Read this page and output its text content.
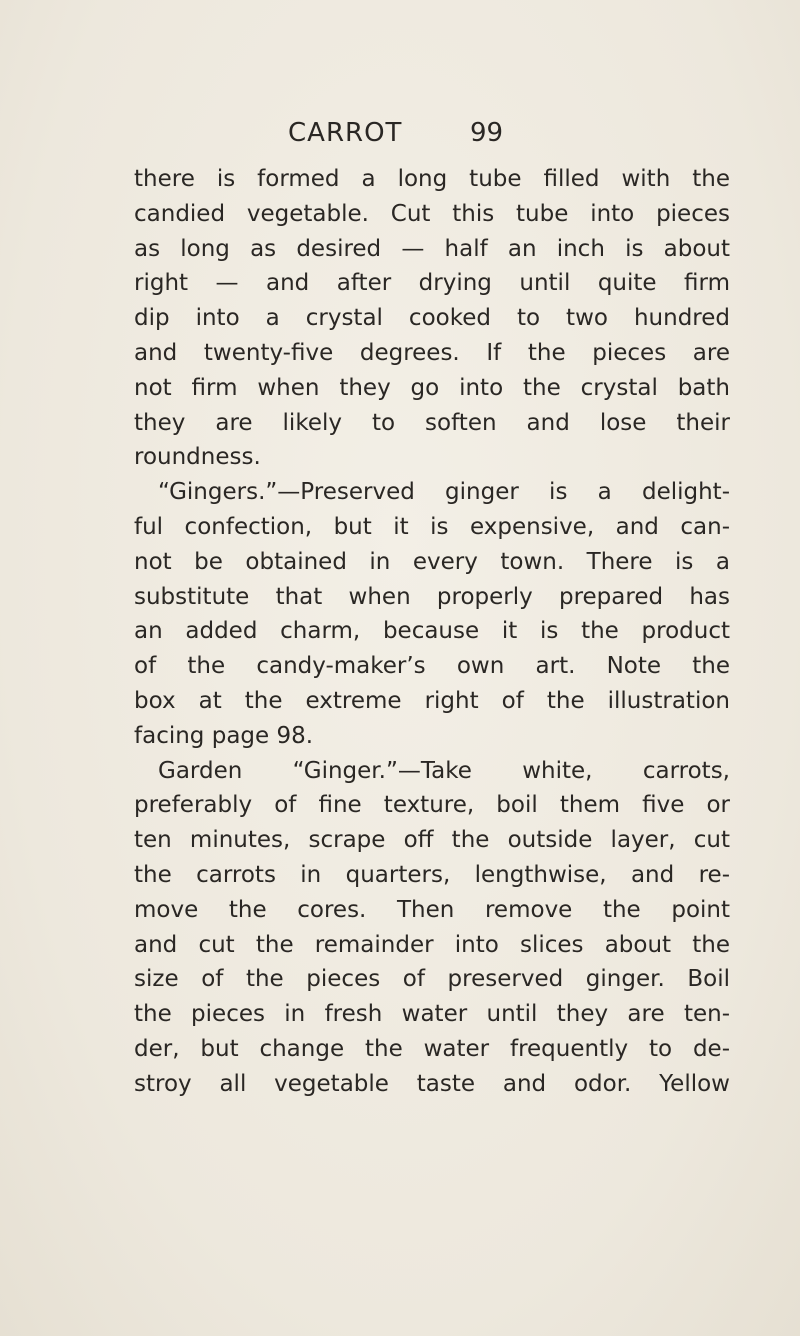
CARROT	99
there is formed a long tube filled with the
candied vegetable. Cut this tube into pieces
as long as desired — half an inch is about
right — and after drying until quite firm
dip into a crystal cooked to two hundred
and twenty-five degrees. If the pieces are
not firm when they go into the crystal bath
they are likely to soften and lose their
roundness.
“Gingers.”—Preserved ginger is a delight-
ful confection, but it is expensive, and can-
not be obtained in every town. There is a
substitute that when properly prepared has
an added charm, because it is the product
of the candy-maker’s own art. Note the
box at the extreme right of the illustration
facing page 98.
Garden “Ginger.”—Take white, carrots,
preferably of fine texture, boil them five or
ten minutes, scrape off the outside layer, cut
the carrots in quarters, lengthwise, and re-
move the cores. Then remove the point
and cut the remainder into slices about the
size of the pieces of preserved ginger. Boil
the pieces in fresh water until they are ten-
der, but change the water frequently to de-
stroy all vegetable taste and odor. Yellow
